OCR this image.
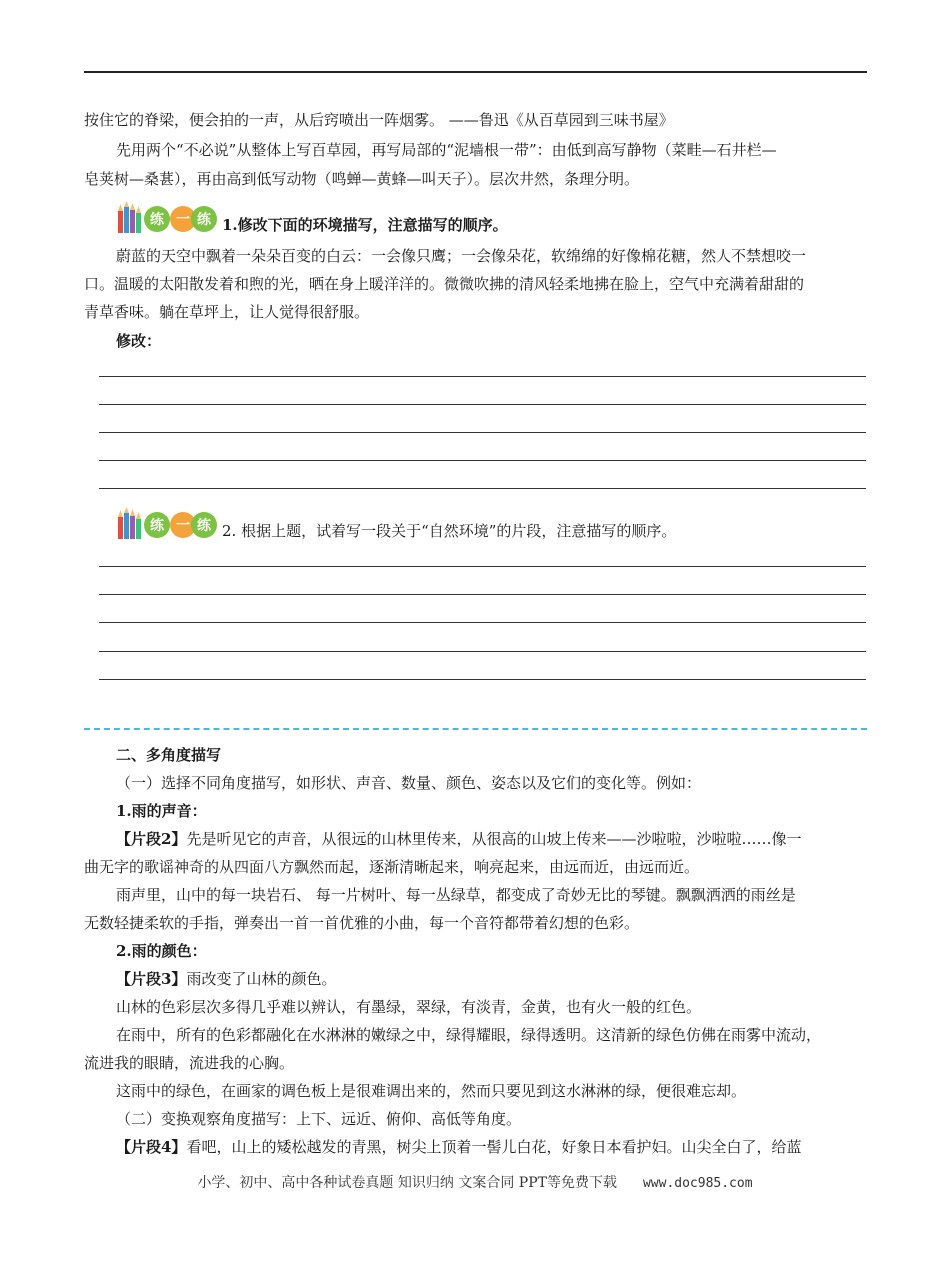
按住它的脊梁，便会拍的一声，从后窍喷出一阵烟雾。 ——鲁迅《从百草园到三味书屋》

先用两个“不必说”从整体上写百草园，再写局部的“泥墙根一带”：由低到高写静物（菜畦—石井栏—

皂荚树—桑葚），再由高到低写动物（鸣蝉—黄蜂—叫天子）。层次井然，条理分明。

练 一 练 1.修改下面的环境描写，注意描写的顺序。

蔚蓝的天空中飘着一朵朵百变的白云：一会像只鹰；一会像朵花，软绵绵的好像棉花糖，然人不禁想咬一

口。温暖的太阳散发着和煦的光，晒在身上暖洋洋的。微微吹拂的清风轻柔地拂在脸上，空气中充满着甜甜的

青草香味。躺在草坪上，让人觉得很舒服。

修改：

练 一 练 2. 根据上题，试着写一段关于“自然环境”的片段，注意描写的顺序。

二、多角度描写

（一）选择不同角度描写，如形状、声音、数量、颜色、姿态以及它们的变化等。例如：

1.雨的声音：

【片段2】先是听见它的声音，从很远的山林里传来，从很高的山坡上传来——沙啦啦，沙啦啦……像一

曲无字的歌谣神奇的从四面八方飘然而起，逐渐清晰起来，响亮起来，由远而近，由远而近。

雨声里，山中的每一块岩石、 每一片树叶、每一丛绿草，都变成了奇妙无比的琴键。飘飘洒洒的雨丝是

无数轻捷柔软的手指，弹奏出一首一首优雅的小曲，每一个音符都带着幻想的色彩。

2.雨的颜色：

【片段3】雨改变了山林的颜色。

山林的色彩层次多得几乎难以辨认，有墨绿，翠绿，有淡青，金黄，也有火一般的红色。

在雨中，所有的色彩都融化在水淋淋的嫩绿之中，绿得耀眼，绿得透明。这清新的绿色仿佛在雨雾中流动，

流进我的眼睛，流进我的心胸。

这雨中的绿色，在画家的调色板上是很难调出来的，然而只要见到这水淋淋的绿，便很难忘却。

（二）变换观察角度描写：上下、远近、俯仰、高低等角度。

【片段4】看吧，山上的矮松越发的青黑，树尖上顶着一髻儿白花，好象日本看护妇。山尖全白了，给蓝

小学、初中、高中各种试卷真题 知识归纳 文案合同 PPT等免费下载 www.doc985.com
